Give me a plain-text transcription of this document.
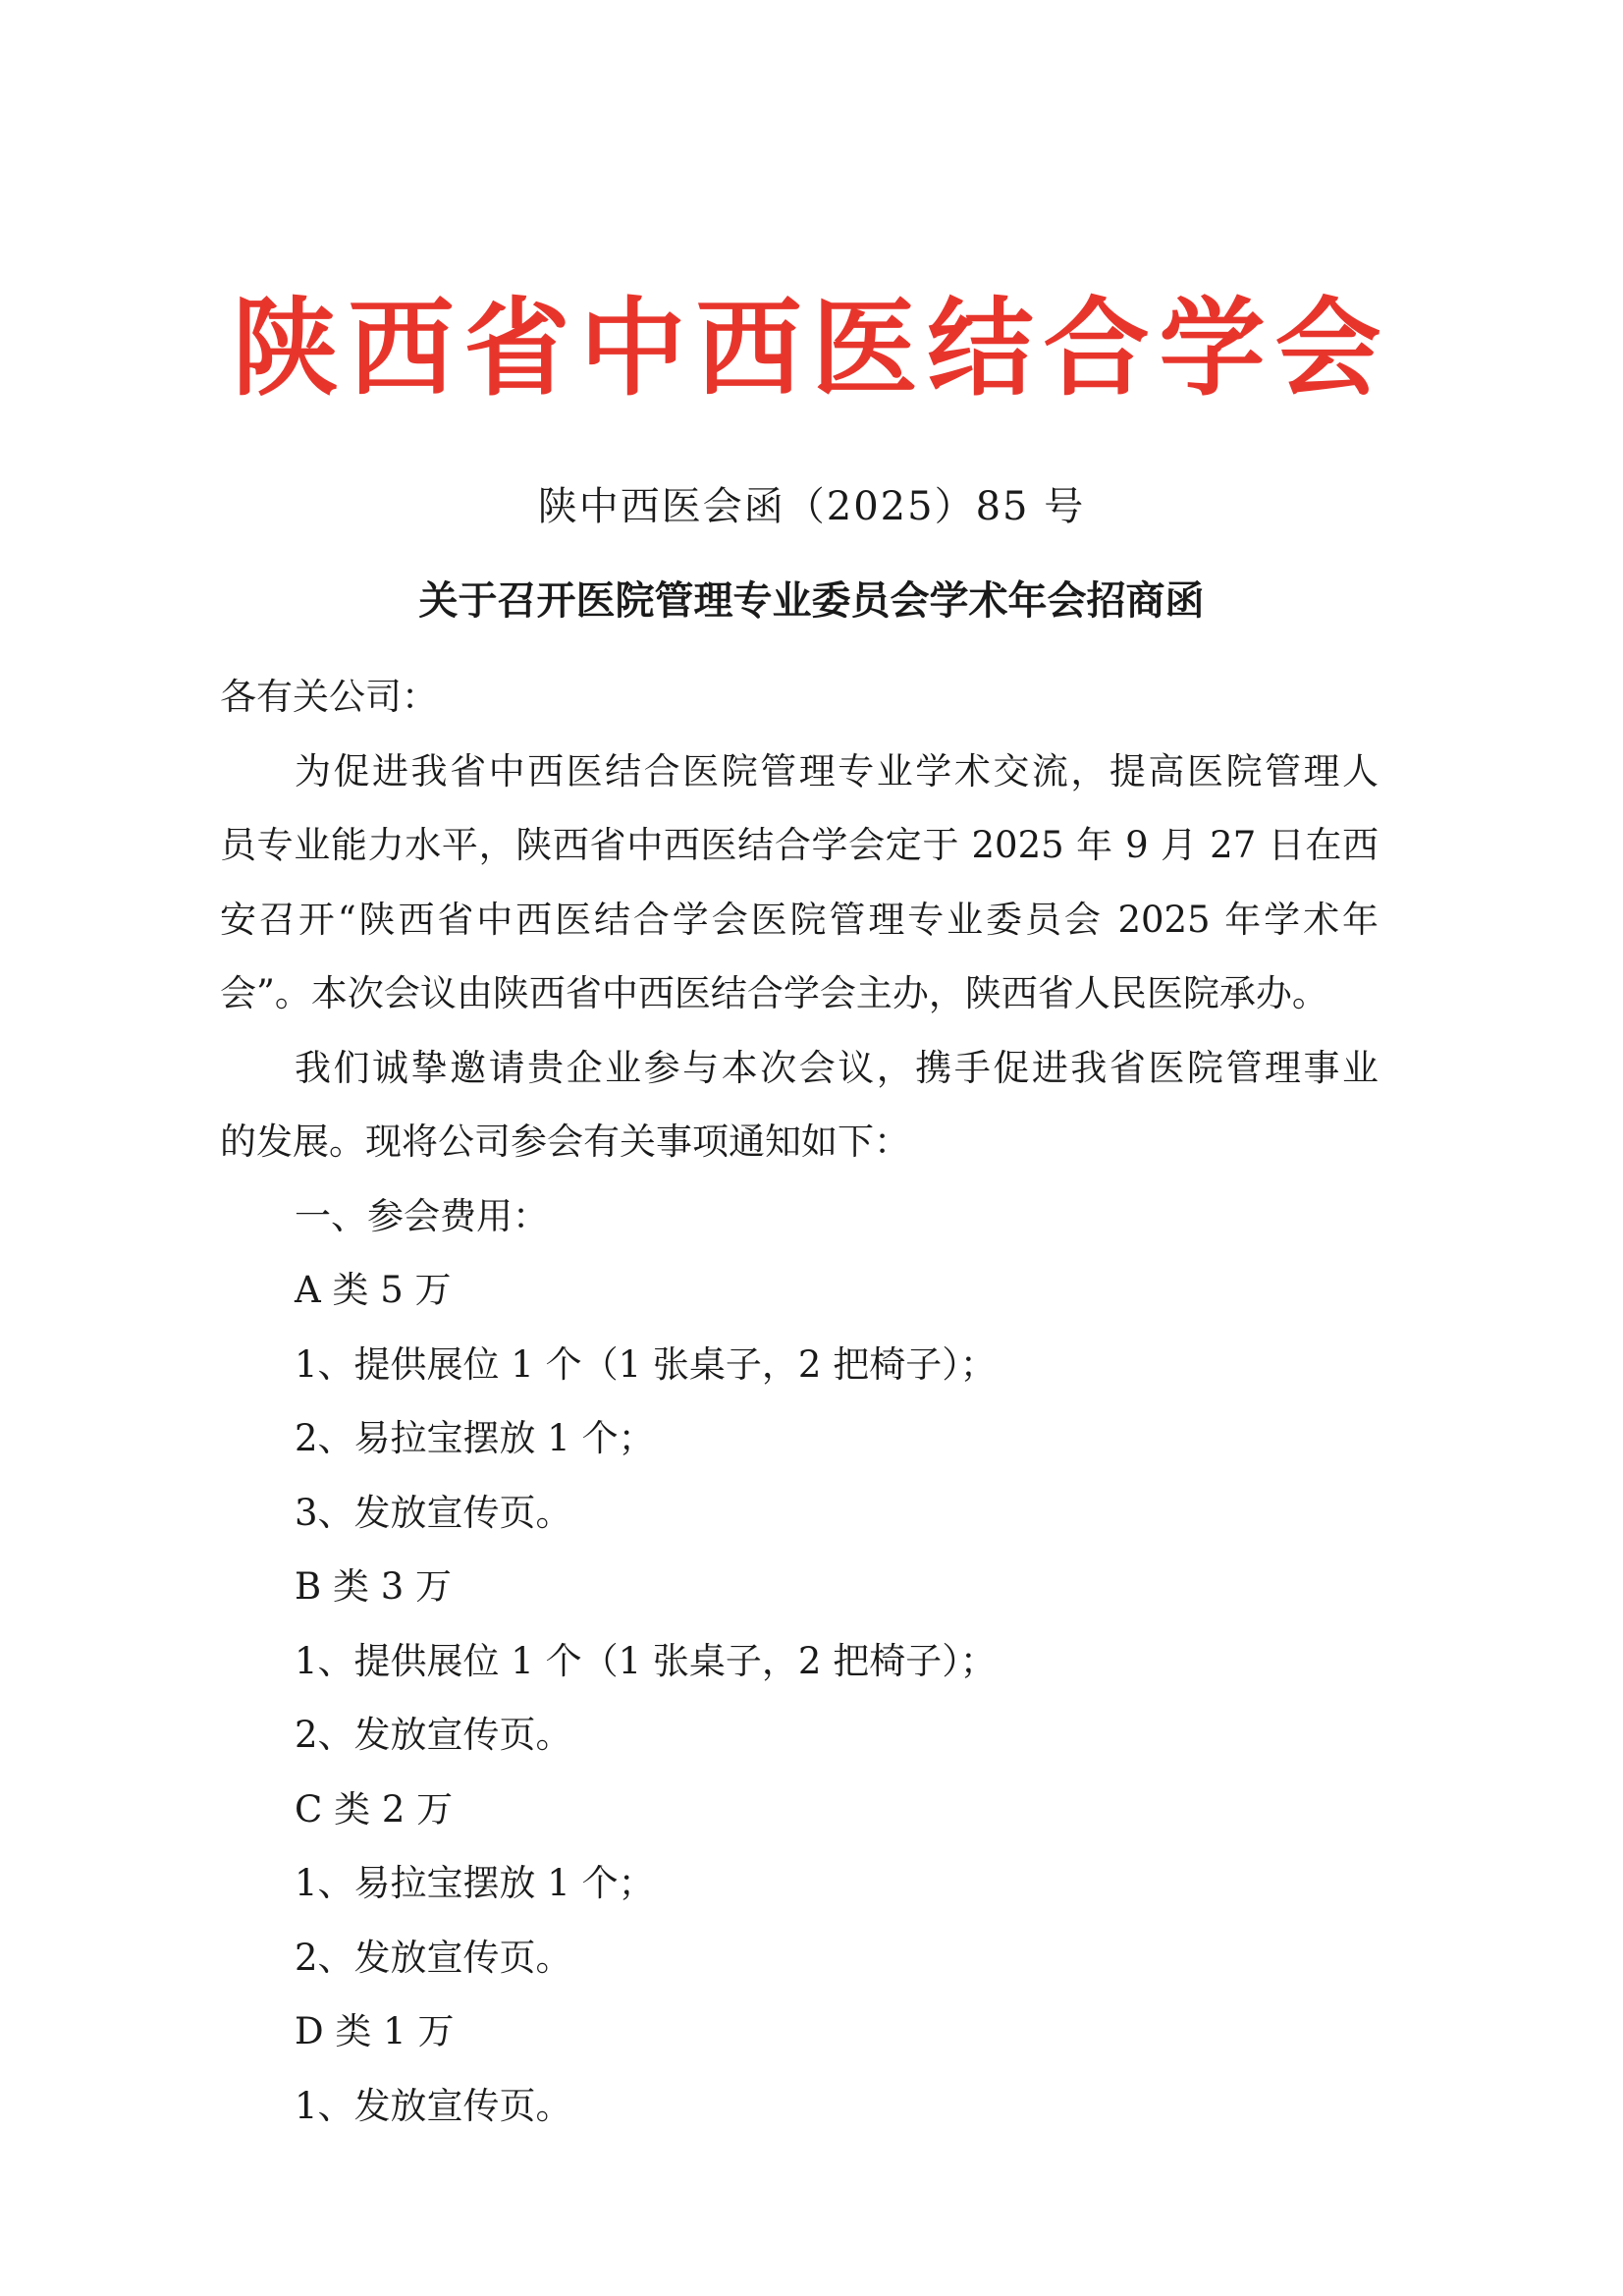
陕西省中西医结合学会
陕中西医会函（2025）85 号
关于召开医院管理专业委员会学术年会招商函
各有关公司：
为促进我省中西医结合医院管理专业学术交流，提高医院管理人
员专业能力水平，陕西省中西医结合学会定于 2025 年 9 月 27 日在西
安召开“陕西省中西医结合学会医院管理专业委员会 2025 年学术年
会”。本次会议由陕西省中西医结合学会主办，陕西省人民医院承办。
我们诚挚邀请贵企业参与本次会议，携手促进我省医院管理事业
的发展。现将公司参会有关事项通知如下：
一、参会费用：
A 类 5 万
1、提供展位 1 个（1 张桌子，2 把椅子）；
2、易拉宝摆放 1 个；
3、发放宣传页。
B 类 3 万
1、提供展位 1 个（1 张桌子，2 把椅子）；
2、发放宣传页。
C 类 2 万
1、易拉宝摆放 1 个；
2、发放宣传页。
D 类 1 万
1、发放宣传页。
